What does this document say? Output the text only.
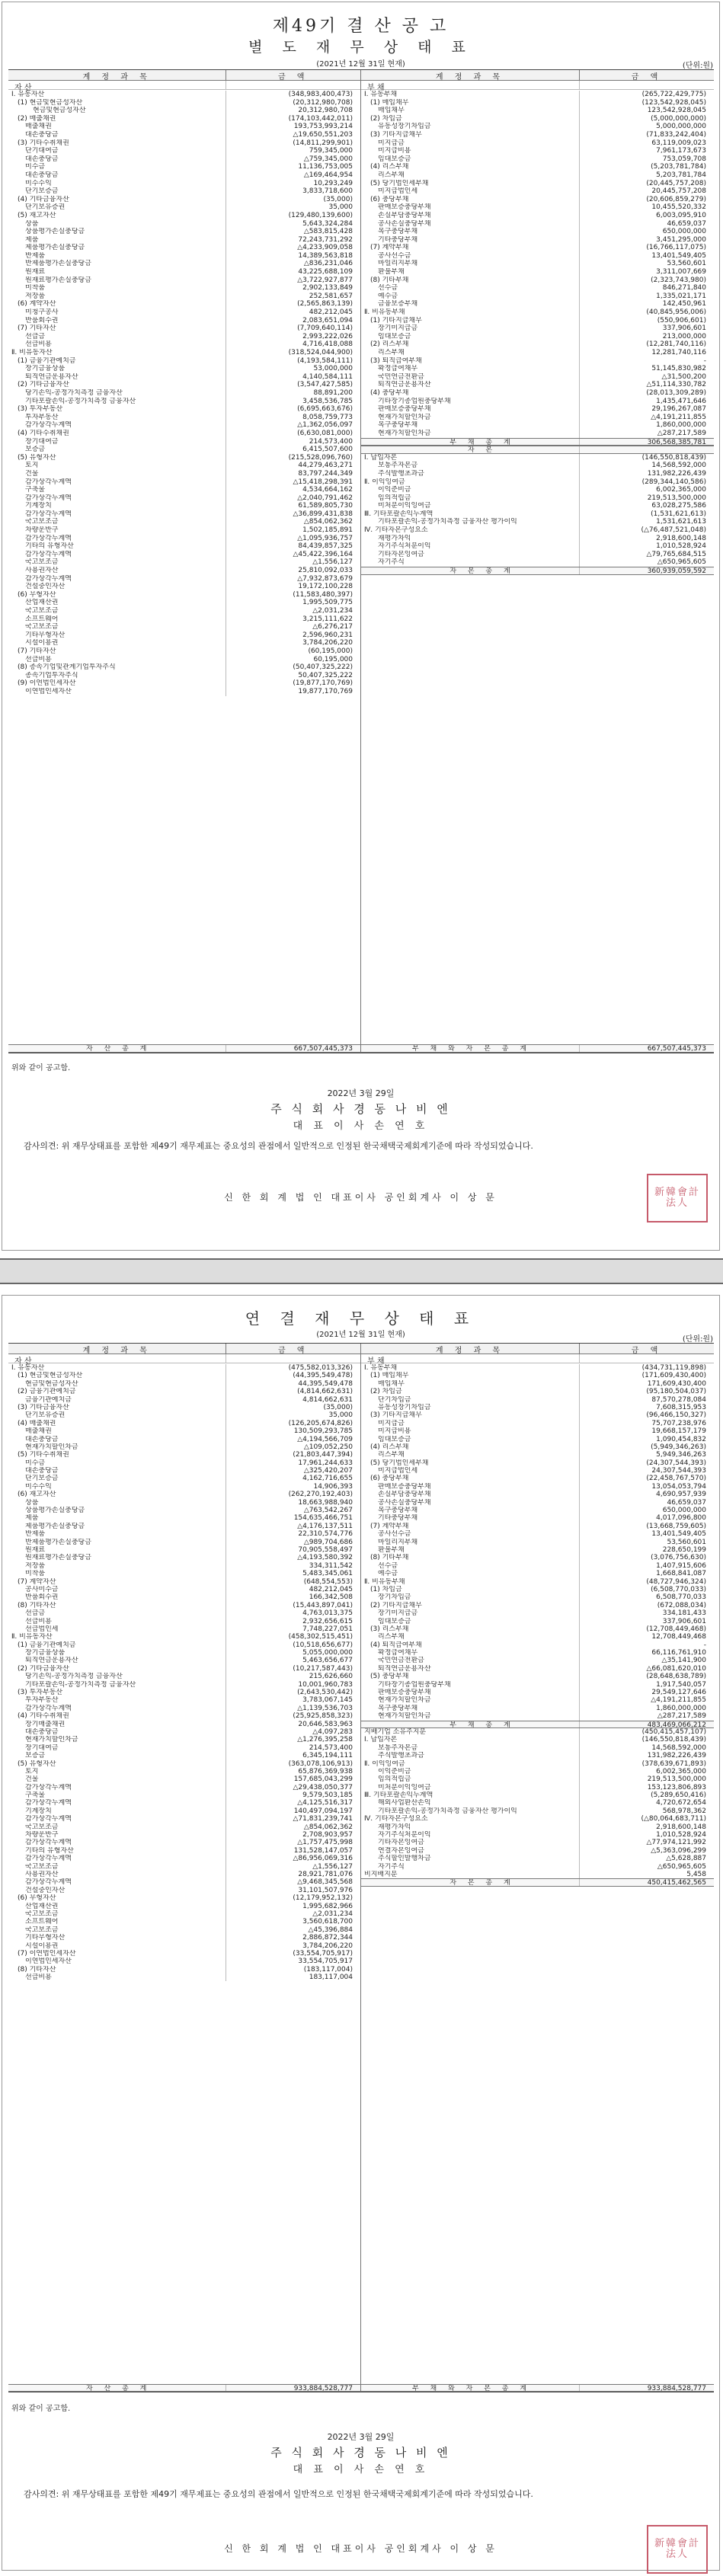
제49기 결 산 공 고
별 도 재 무 상 태 표
(2021년 12월 31일 현재)	(단위:원)
계 정 과 목	금 액
자 산
Ⅰ. 유동자산	(348,983,400,473)
(1) 현금및현금성자산	(20,312,980,708)
현금및현금성자산	20,312,980,708
(2) 매출채권	(174,103,442,011)
매출채권	193,753,993,214
대손충당금	△19,650,551,203
(3) 기타수취채권	(14,811,299,901)
단기대여금	759,345,000
대손충당금	△759,345,000
미수금	11,136,753,005
대손충당금	△169,464,954
미수수익	10,293,249
단기보증금	3,833,718,600
(4) 기타금융자산	(35,000)
단기보유증권	35,000
(5) 재고자산	(129,480,139,600)
상품	5,643,324,284
상품평가손실충당금	△583,815,428
제품	72,243,731,292
제품평가손실충당금	△4,233,909,058
반제품	14,389,563,818
반제품평가손실충당금	△836,231,046
원재료	43,225,688,109
원재료평가손실충당금	△3,722,927,877
미착품	2,902,133,849
저장품	252,581,657
(6) 계약자산	(2,565,863,139)
미청구공사	482,212,045
반품회수권	2,083,651,094
(7) 기타자산	(7,709,640,114)
선급금	2,993,222,026
선급비용	4,716,418,088
Ⅱ. 비유동자산	(318,524,044,900)
(1) 금융기관예치금	(4,193,584,111)
장기금융상품	53,000,000
퇴직연금운용자산	4,140,584,111
(2) 기타금융자산	(3,547,427,585)
당기손익-공정가치측정 금융자산	88,891,200
기타포괄손익-공정가치측정 금융자산	3,458,536,785
(3) 투자부동산	(6,695,663,676)
투자부동산	8,058,759,773
감가상각누계액	△1,362,056,097
(4) 기타수취채권	(6,630,081,000)
장기대여금	214,573,400
보증금	6,415,507,600
(5) 유형자산	(215,528,096,760)
토지	44,279,463,271
건물	83,797,244,349
감가상각누계액	△15,418,298,391
구축물	4,534,664,162
감가상각누계액	△2,040,791,462
기계장치	61,589,805,730
감가상각누계액	△36,899,431,838
국고보조금	△854,062,362
차량운반구	1,502,185,891
감가상각누계액	△1,095,936,757
기타의 유형자산	84,439,857,325
감가상각누계액	△45,422,396,164
국고보조금	△1,556,127
사용권자산	25,810,092,033
감가상각누계액	△7,932,873,679
건설중인자산	19,172,100,228
(6) 무형자산	(11,583,480,397)
산업재산권	1,995,509,775
국고보조금	△2,031,234
소프트웨어	3,215,111,622
국고보조금	△6,276,217
기타무형자산	2,596,960,231
시설이용권	3,784,206,220
(7) 기타자산	(60,195,000)
선급비용	60,195,000
(8) 종속기업및관계기업투자주식	(50,407,325,222)
종속기업투자주식	50,407,325,222
(9) 이연법인세자산	(19,877,170,769)
이연법인세자산	19,877,170,769
자 산 총 계	667,507,445,373
계 정 과 목	금 액
부 채
Ⅰ. 유동부채	(265,722,429,775)
(1) 매입채무	(123,542,928,045)
매입채무	123,542,928,045
(2) 차입금	(5,000,000,000)
유동성장기차입금	5,000,000,000
(3) 기타지급채무	(71,833,242,404)
미지급금	63,119,009,023
미지급비용	7,961,173,673
임대보증금	753,059,708
(4) 리스부채	(5,203,781,784)
리스부채	5,203,781,784
(5) 당기법인세부채	(20,445,757,208)
미지급법인세	20,445,757,208
(6) 충당부채	(20,606,859,279)
판매보증충당부채	10,455,520,332
손실부담충당부채	6,003,095,910
공사손실충당부채	46,659,037
복구충당부채	650,000,000
기타충당부채	3,451,295,000
(7) 계약부채	(16,766,117,075)
공사선수금	13,401,549,405
마일리지부채	53,560,601
환불부채	3,311,007,669
(8) 기타부채	(2,323,743,980)
선수금	846,271,840
예수금	1,335,021,171
금융보증부채	142,450,961
Ⅱ. 비유동부채	(40,845,956,006)
(1) 기타지급채무	(550,906,601)
장기미지급금	337,906,601
임대보증금	213,000,000
(2) 리스부채	(12,281,740,116)
리스부채	12,281,740,116
(3) 퇴직급여부채	-
확정급여채무	51,145,830,982
국민연금전환금	△31,500,200
퇴직연금운용자산	△51,114,330,782
(4) 충당부채	(28,013,309,289)
기타장기종업원충당부채	1,435,471,646
판매보증충당부채	29,196,267,087
현재가치할인차금	△4,191,211,855
복구충당부채	1,860,000,000
현재가치할인차금	△287,217,589
부 채 총 계	306,568,385,781
자 본
Ⅰ. 납입자본	(146,550,818,439)
보통주자본금	14,568,592,000
주식발행초과금	131,982,226,439
Ⅱ. 이익잉여금	(289,344,140,586)
이익준비금	6,002,365,000
임의적립금	219,513,500,000
미처분이익잉여금	63,028,275,586
Ⅲ. 기타포괄손익누계액	(1,531,621,613)
기타포괄손익-공정가치측정 금융자산 평가이익	1,531,621,613
Ⅳ. 기타자본구성요소	(△76,487,521,048)
재평가차익	2,918,600,148
자기주식처분이익	1,010,528,924
기타자본잉여금	△79,765,684,515
자기주식	△650,965,605
자 본 총 계	360,939,059,592
부 채 와 자 본 총 계	667,507,445,373
위와 같이 공고함.
2022년 3월 29일
주 식 회 사 경 동 나 비 엔
대 표 이 사 손 연 호
감사의견: 위 재무상태표를 포함한 제49기 재무제표는 중요성의 관점에서 일반적으로 인정된 한국채택국제회계기준에 따라 작성되었습니다.
신 한 회 계 법 인 대표이사 공인회계사 이 상 문	新韓會計法人
연 결 재 무 상 태 표
(2021년 12월 31일 현재)
(단위:원)
계 정 과 목	금 액
자 산
Ⅰ. 유동자산	(475,582,013,326)
(1) 현금및현금성자산	(44,395,549,478)
현금및현금성자산	44,395,549,478
(2) 금융기관예치금	(4,814,662,631)
금융기관예치금	4,814,662,631
(3) 기타금융자산	(35,000)
단기보유증권	35,000
(4) 매출채권	(126,205,674,826)
매출채권	130,509,293,785
대손충당금	△4,194,566,709
현재가치할인차금	△109,052,250
(5) 기타수취채권	(21,803,447,394)
미수금	17,961,244,633
대손충당금	△325,420,207
단기보증금	4,162,716,655
미수수익	14,906,393
(6) 재고자산	(262,270,192,403)
상품	18,663,988,940
상품평가손실충당금	△763,542,267
제품	154,635,466,751
제품평가손실충당금	△4,176,137,511
반제품	22,310,574,776
반제품평가손실충당금	△989,704,686
원재료	70,905,558,497
원재료평가손실충당금	△4,193,580,392
저장품	334,311,542
미착품	5,483,345,061
(7) 계약자산	(648,554,553)
공사미수금	482,212,045
반품회수권	166,342,508
(8) 기타자산	(15,443,897,041)
선급금	4,763,013,375
선급비용	2,932,656,615
선급법인세	7,748,227,051
Ⅱ. 비유동자산	(458,302,515,451)
(1) 금융기관예치금	(10,518,656,677)
장기금융상품	5,055,000,000
퇴직연금운용자산	5,463,656,677
(2) 기타금융자산	(10,217,587,443)
당기손익-공정가치측정 금융자산	215,626,660
기타포괄손익-공정가치측정 금융자산	10,001,960,783
(3) 투자부동산	(2,643,530,442)
투자부동산	3,783,067,145
감가상각누계액	△1,139,536,703
(4) 기타수취채권	(25,925,858,323)
장기매출채권	20,646,583,963
대손충당금	△4,097,283
현재가치할인차금	△1,276,395,258
장기대여금	214,573,400
보증금	6,345,194,111
(5) 유형자산	(363,078,106,913)
토지	65,876,369,938
건물	157,685,043,299
감가상각누계액	△29,438,050,377
구축물	9,579,503,185
감가상각누계액	△4,125,516,317
기계장치	140,497,094,197
감가상각누계액	△71,831,239,741
국고보조금	△854,062,362
차량운반구	2,708,903,957
감가상각누계액	△1,757,475,998
기타의 유형자산	131,528,147,057
감가상각누계액	△86,956,069,316
국고보조금	△1,556,127
사용권자산	28,921,781,076
감가상각누계액	△9,468,345,568
건설중인자산	31,101,507,976
(6) 무형자산	(12,179,952,132)
산업재산권	1,995,682,966
국고보조금	△2,031,234
소프트웨어	3,560,618,700
국고보조금	△45,396,884
기타무형자산	2,886,872,344
시설이용권	3,784,206,220
(7) 이연법인세자산	(33,554,705,917)
이연법인세자산	33,554,705,917
(8) 기타자산	(183,117,004)
선급비용	183,117,004
자 산 총 계	933,884,528,777
계 정 과 목	금 액
부 채
Ⅰ. 유동부채	(434,731,119,898)
(1) 매입채무	(171,609,430,400)
매입채무	171,609,430,400
(2) 차입금	(95,180,504,037)
단기차입금	87,570,278,084
유동성장기차입금	7,608,315,953
(3) 기타지급채무	(96,466,150,327)
미지급금	75,707,238,976
미지급비용	19,668,157,179
임대보증금	1,090,454,832
(4) 리스부채	(5,949,346,263)
리스부채	5,949,346,263
(5) 당기법인세부채	(24,307,544,393)
미지급법인세	24,307,544,393
(6) 충당부채	(22,458,767,570)
판매보증충당부채	13,054,053,794
손실부담충당부채	4,690,957,939
공사손실충당부채	46,659,037
복구충당부채	650,000,000
기타충당부채	4,017,096,800
(7) 계약부채	(13,668,759,605)
공사선수금	13,401,549,405
마일리지부채	53,560,601
환불부채	228,650,199
(8) 기타부채	(3,076,756,630)
선수금	1,407,915,606
예수금	1,668,841,087
Ⅱ. 비유동부채	(48,727,946,324)
(1) 차입금	(6,508,770,033)
장기차입금	6,508,770,033
(2) 기타지급채무	(672,088,034)
장기미지급금	334,181,433
임대보증금	337,906,601
(3) 리스부채	(12,708,449,468)
리스부채	12,708,449,468
(4) 퇴직급여부채	-
확정급여채무	66,116,761,910
국민연금전환금	△35,141,900
퇴직연금운용자산	△66,081,620,010
(5) 충당부채	(28,648,638,789)
기타장기종업원충당부채	1,917,540,057
판매보증충당부채	29,549,127,646
현재가치할인차금	△4,191,211,855
복구충당부채	1,860,000,000
현재가치할인차금	△287,217,589
부 채 총 계	483,469,066,212
지배기업 소유주지분	(450,415,457,107)
Ⅰ. 납입자본	(146,550,818,439)
보통주자본금	14,568,592,000
주식발행초과금	131,982,226,439
Ⅱ. 이익잉여금	(378,639,671,893)
이익준비금	6,002,365,000
임의적립금	219,513,500,000
미처분이익잉여금	153,123,806,893
Ⅲ. 기타포괄손익누계액	(5,289,650,416)
해외사업환산손익	4,720,672,654
기타포괄손익-공정가치측정 금융자산 평가이익	568,978,362
Ⅳ. 기타자본구성요소	(△80,064,683,711)
재평가차익	2,918,600,148
자기주식처분이익	1,010,528,924
기타자본잉여금	△77,974,121,992
연결자본잉여금	△5,363,096,299
주식할인발행차금	△5,628,887
자기주식	△650,965,605
비지배지분	5,458
자 본 총 계	450,415,462,565
부 채 와 자 본 총 계	933,884,528,777
위와 같이 공고함.
2022년 3월 29일
주 식 회 사 경 동 나 비 엔
대 표 이 사 손 연 호
감사의견: 위 재무상태표를 포함한 제49기 재무제표는 중요성의 관점에서 일반적으로 인정된 한국채택국제회계기준에 따라 작성되었습니다.
신 한 회 계 법 인 대표이사 공인회계사 이 상 문	新韓會計法人
